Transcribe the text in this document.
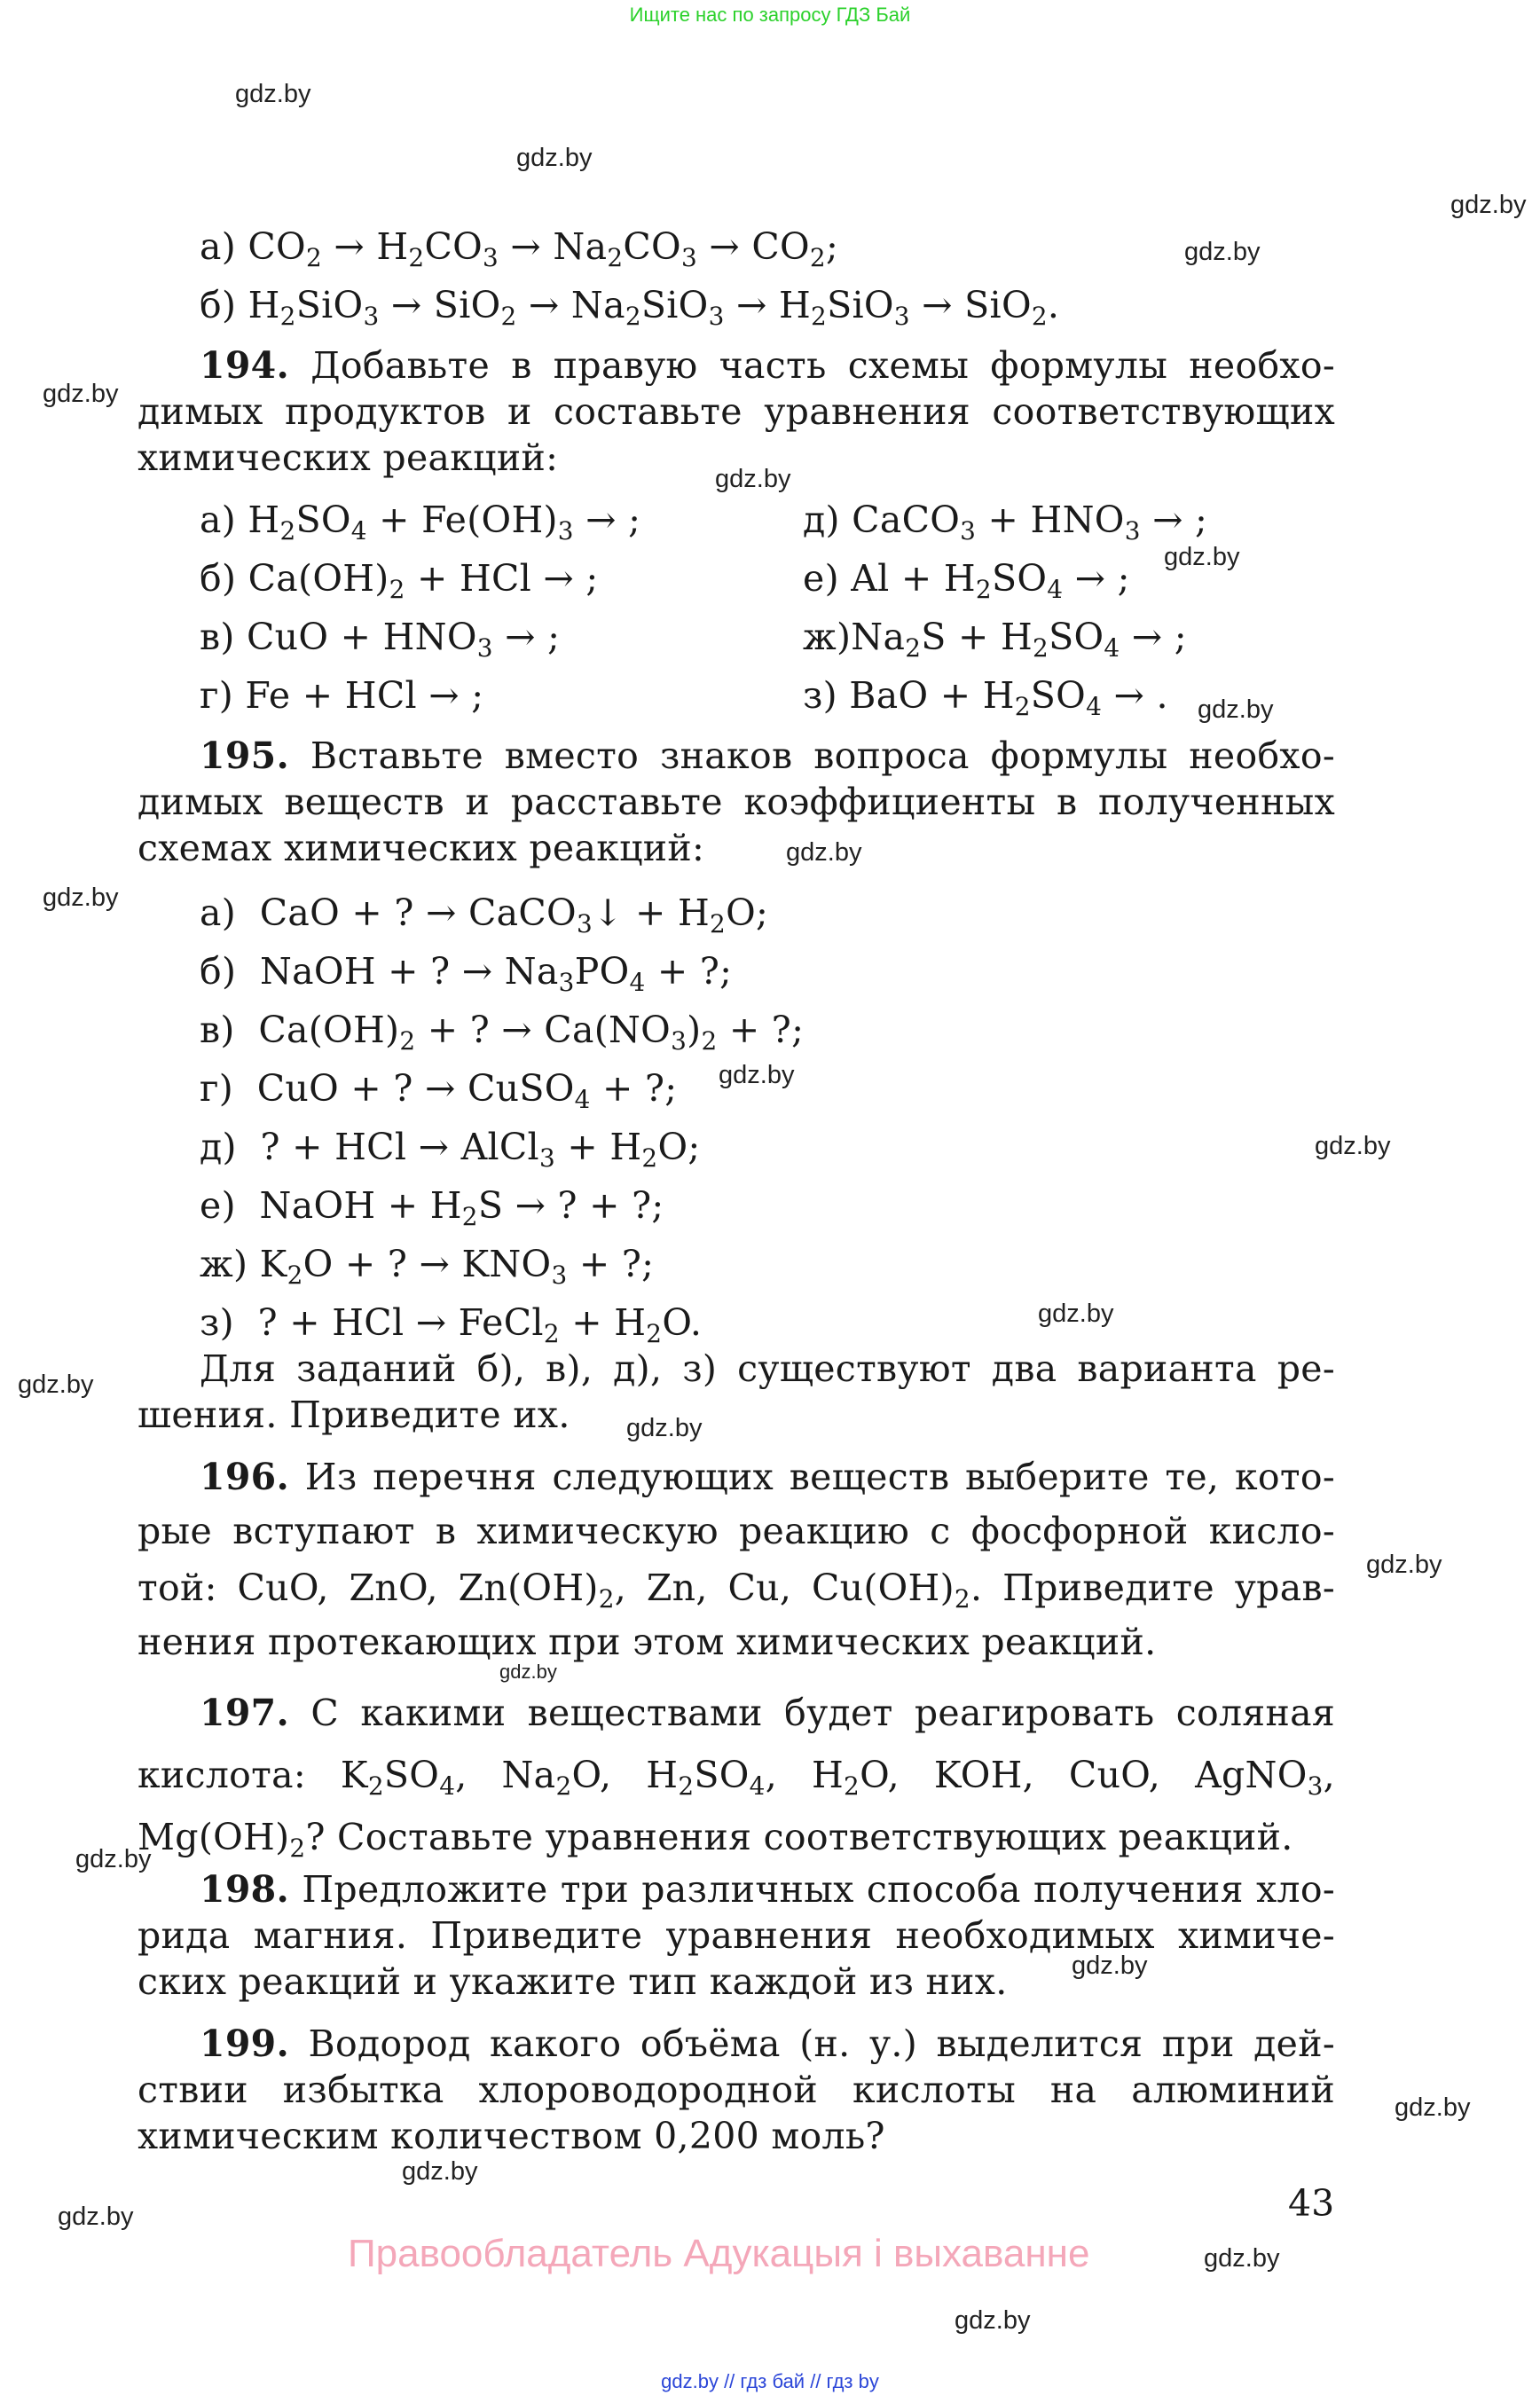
Ищите нас по запросу ГДЗ Бай
gdz.by
gdz.by
gdz.by
gdz.by
gdz.by
gdz.by
gdz.by
gdz.by
gdz.by
gdz.by
gdz.by
gdz.by
gdz.by
gdz.by
gdz.by
gdz.by
gdz.by
gdz.by
gdz.by
gdz.by
gdz.by
gdz.by
gdz.by
gdz.by
а) $CO_2 \to H_2CO_3 \to Na_2CO_3 \to CO_2$;
б) $H_2SiO_3 \to SiO_2 \to Na_2SiO_3 \to H_2SiO_3 \to SiO_2$.
194. Добавьте в правую часть схемы формулы необхо-
димых продуктов и составьте уравнения соответствующих
химических реакций:
а) $H_2SO_4 + Fe(OH)_3$ → ;	д) CaCO$_3$ + $HNO_3$ → ;
б) $Ca(OH)_2$ + HCl → ;	е) $Al + H_2SO_4$ → ;
в) CuO + $HNO_3$ → ;	$ж)Na_2S + H_2SO_4$ → ;
г) Fe + HCl → ;	з) BaO + $H_2SO_4$ → .
195. Вставьте вместо знаков вопроса формулы необхо-
димых веществ и расставьте коэффициенты в полученных
схемах химических реакций:
а)  CaO + ? → CaCO$_3$↓ + $H_2O$;
б)  NaOH + ? → $Na_3PO_4$ + ?;
в)  $Ca(OH)_2$ + ? → $Ca(NO_3)_2$ + ?;
г)  CuO + ? → CuSO$_4$ + ?;
д)  ? + HCl → AlCl$_3$ + $H_2O$;
е)  NaOH + $H_2S$ → ? + ?;
ж) $K_2O$ + ? → $KNO_3$ + ?;
з)  ? + HCl → FeCl$_2$ + $H_2O$.
Для заданий б), в), д), з) существуют два варианта ре-
шения. Приведите их.
196. Из перечня следующих веществ выберите те, кото-
рые вступают в химическую реакцию с фосфорной кисло-
той: CuO, ZnO, $Zn(OH)_2$, Zn, Cu, $Cu(OH)_2$. Приведите урав-
нения протекающих при этом химических реакций.
197. С какими веществами будет реагировать соляная
кислота: $K_2SO_4$, $Na_2O$, $H_2SO_4$, $H_2O$, KOH, CuO, AgNO$_3$,
$Mg(OH)_2$? Составьте уравнения соответствующих реакций.
198. Предложите три различных способа получения хло-
рида магния. Приведите уравнения необходимых химиче-
ских реакций и укажите тип каждой из них.
199. Водород какого объёма (н. у.) выделится при дей-
ствии избытка хлороводородной кислоты на алюминий
химическим количеством 0,200 моль?
43
Правообладатель Адукацыя і выхаванне
gdz.by // гдз бай // гдз by
